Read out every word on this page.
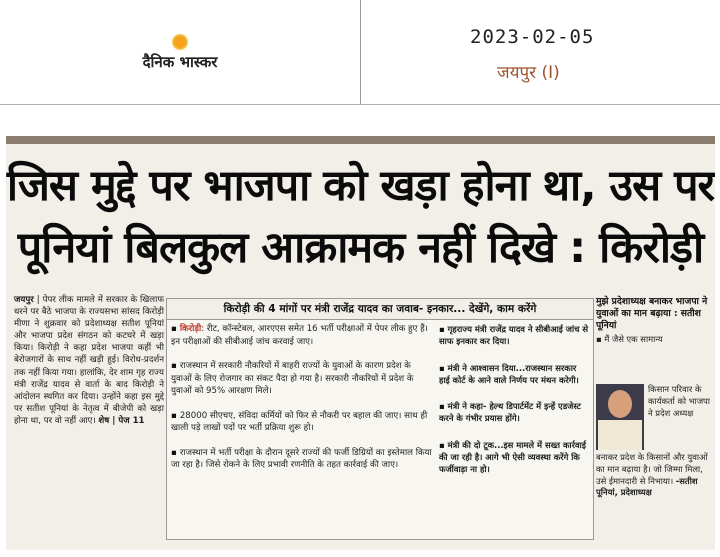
दैनिक भास्कर
2023-02-05
जयपुर (I)
जिस मुद्दे पर भाजपा को खड़ा होना था, उस पर
पूनियां बिलकुल आक्रामक नहीं दिखे : किरोड़ी
जयपुर | पेपर लीक मामले में सरकार के खिलाफ धरने पर बैठे भाजपा के राज्यसभा सांसद किरोड़ी मीणा ने शुक्रवार को प्रदेशाध्यक्ष सतीश पूनियां और भाजपा प्रदेश संगठन को कटघरे में खड़ा किया। किरोड़ी ने कहा प्रदेश भाजपा कहीं भी बेरोजगारों के साथ नहीं खड़ी हुई। विरोध-प्रदर्शन तक नहीं किया गया। हालांकि, देर शाम गृह राज्य मंत्री राजेंद्र यादव से वार्ता के बाद किरोड़ी ने आंदोलन स्थगित कर दिया। उन्होंने कहा इस मुद्दे पर सतीश पूनियां के नेतृत्व में बीजेपी को खड़ा होना था, पर वो नहीं आए। शेष | पेज 11
किरोड़ी की 4 मांगों पर मंत्री राजेंद्र यादव का जवाब- इनकार... देखेंगे, काम करेंगे
▪ किरोड़ी: रीट, कॉन्स्टेबल, आरएएस समेत 16 भर्ती परीक्षाओं में पेपर लीक हुए हैं। इन परीक्षाओं की सीबीआई जांच करवाई जाए।
▪ राजस्थान में सरकारी नौकरियों में बाहरी राज्यों के युवाओं के कारण प्रदेश के युवाओं के लिए रोजगार का संकट पैदा हो गया है। सरकारी नौकरियों में प्रदेश के युवाओं को 95% आरक्षण मिले।
▪ 28000 सीएचए, संविदा कर्मियों को फिर से नौकरी पर बहाल की जाए। साथ ही खाली पड़े लाखों पदों पर भर्ती प्रक्रिया शुरू हो।
▪ राजस्थान में भर्ती परीक्षा के दौरान दूसरे राज्यों की फर्जी डिग्रियों का इस्तेमाल किया जा रहा है। जिसे रोकने के लिए प्रभावी रणनीति के तहत कार्रवाई की जाए।
▪ गृहराज्य मंत्री राजेंद्र यादव ने सीबीआई जांच से साफ इनकार कर दिया।
▪ मंत्री ने आश्वासन दिया...राजस्थान सरकार हाई कोर्ट के आने वाले निर्णय पर मंथन करेगी।
▪ मंत्री ने कहा- हेल्थ डिपार्टमेंट में इन्हें एडजेस्ट करने के गंभीर प्रयास होंगे।
▪ मंत्री की दो टूक...इस मामले में सख्त कार्रवाई की जा रही है। आगे भी ऐसी व्यवस्था करेंगे कि फर्जीवाड़ा ना हो।
मुझे प्रदेशाध्यक्ष बनाकर भाजपा ने युवाओं का मान बढ़ाया : सतीश पूनियां
▪ मैं जैसे एक सामान्य
किसान परिवार के कार्यकर्ता को भाजपा ने प्रदेश अध्यक्ष
बनाकर प्रदेश के किसानों और युवाओं का मान बढ़ाया है। जो जिम्मा मिला, उसे ईमानदारी से निभाया। -सतीश पूनियां, प्रदेशाध्यक्ष
